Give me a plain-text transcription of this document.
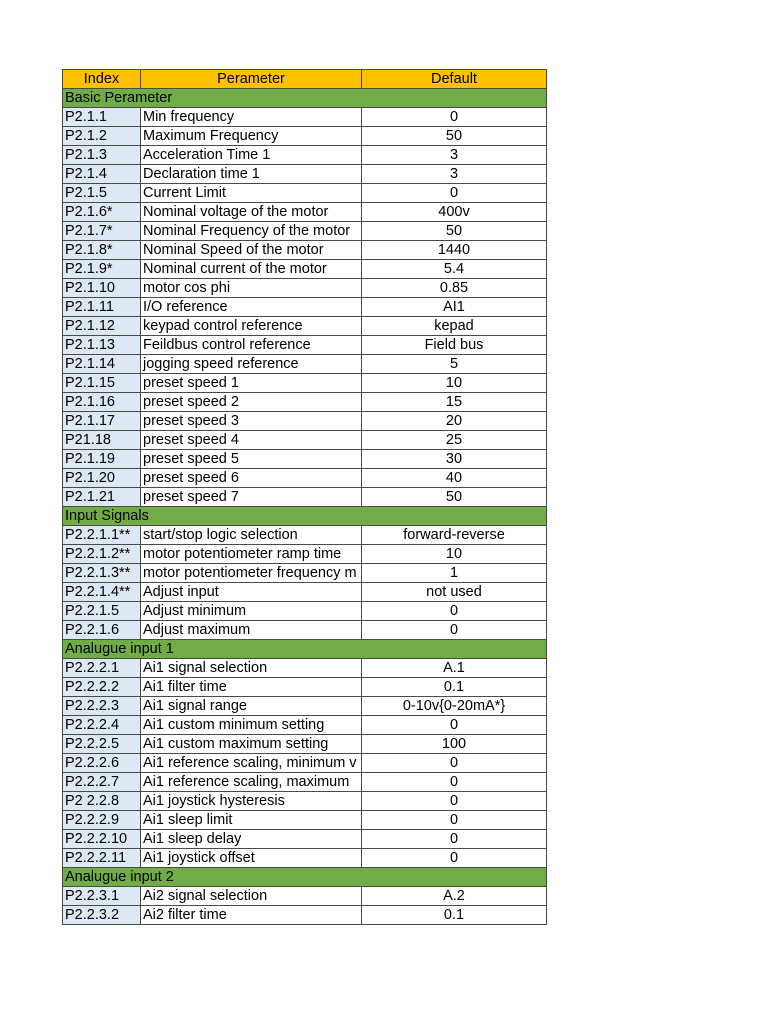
Index	Perameter	Default
Basic Perameter		
P2.1.1	Min frequency	0
P2.1.2	Maximum Frequency	50
P2.1.3	Acceleration Time 1	3
P2.1.4	Declaration time 1	3
P2.1.5	Current Limit	0
P2.1.6*	Nominal voltage of the motor	400v
P2.1.7*	Nominal Frequency of the motor	50
P2.1.8*	Nominal Speed of the motor	1440
P2.1.9*	Nominal current of the motor	5.4
P2.1.10	motor cos phi	0.85
P2.1.11	I/O reference	AI1
P2.1.12	keypad control reference	kepad
P2.1.13	Feildbus control reference	Field bus
P2.1.14	jogging speed reference	5
P2.1.15	preset speed 1	10
P2.1.16	preset speed 2	15
P2.1.17	preset speed 3	20
P21.18	preset speed 4	25
P2.1.19	preset speed 5	30
P2.1.20	preset speed 6	40
P2.1.21	preset speed 7	50
Input Signals		
P2.2.1.1**	start/stop logic selection	forward-reverse
P2.2.1.2**	motor potentiometer ramp time	10
P2.2.1.3**	motor potentiometer frequency m	1
P2.2.1.4**	Adjust input	not used
P2.2.1.5	Adjust minimum	0
P2.2.1.6	Adjust maximum	0
Analugue input 1		
P2.2.2.1	Ai1 signal selection	A.1
P2.2.2.2	Ai1 filter time	0.1
P2.2.2.3	Ai1 signal range	0-10v{0-20mA*}
P2.2.2.4	Ai1 custom minimum setting	0
P2.2.2.5	Ai1 custom maximum setting	100
P2.2.2.6	Ai1 reference scaling, minimum v	0
P2.2.2.7	Ai1 reference scaling, maximum	0
P2 2.2.8	Ai1 joystick hysteresis	0
P2.2.2.9	Ai1 sleep limit	0
P2.2.2.10	Ai1 sleep delay	0
P2.2.2.11	Ai1 joystick offset	0
Analugue input 2		
P2.2.3.1	Ai2 signal selection	A.2
P2.2.3.2	Ai2 filter time	0.1
